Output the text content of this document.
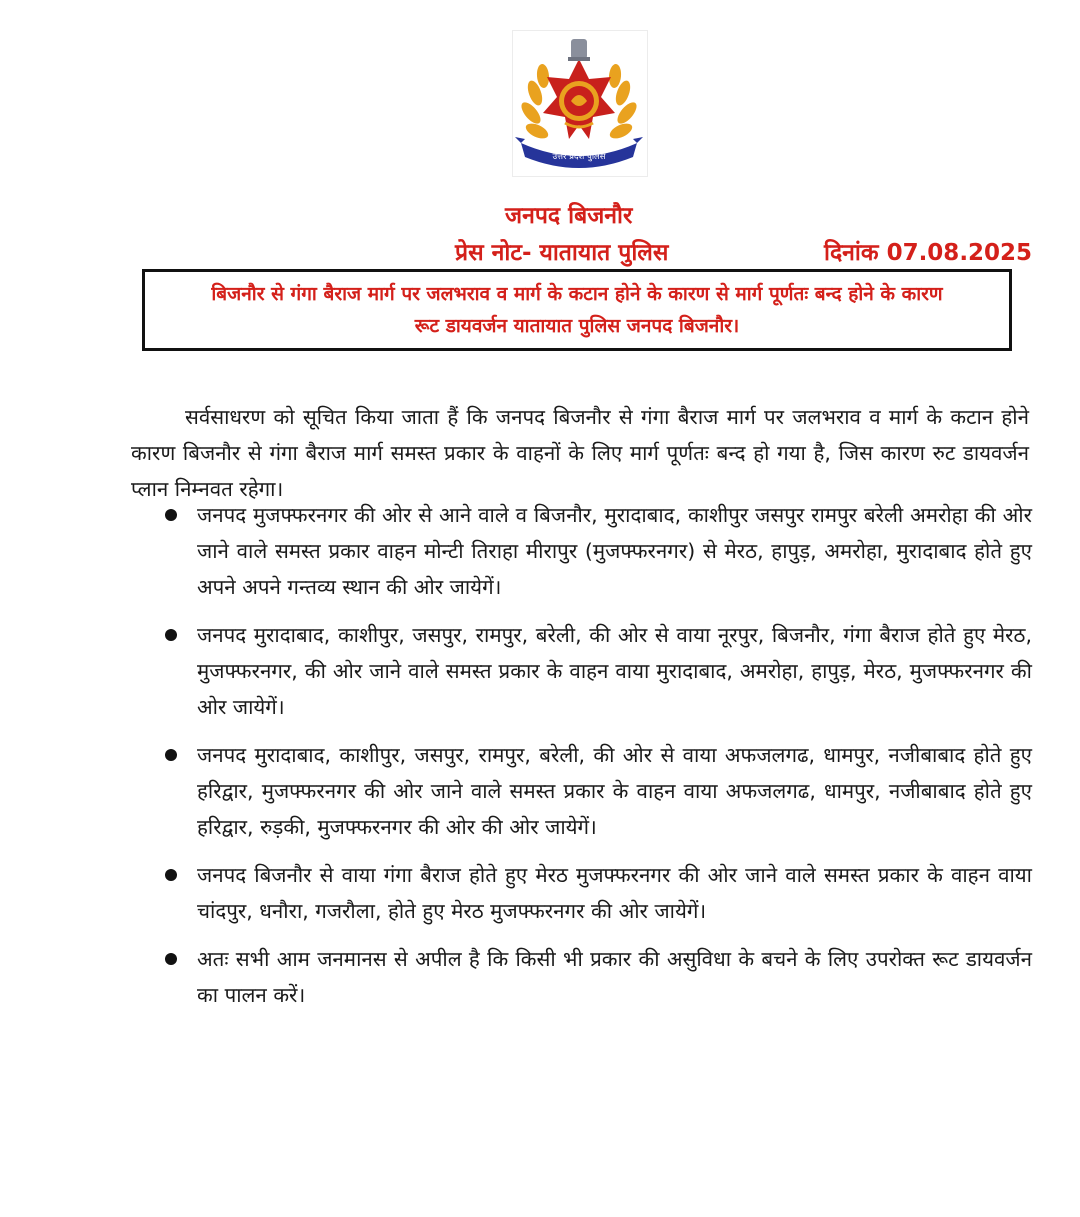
उत्तर प्रदेश पुलिस
जनपद बिजनौर
प्रेस नोट- यातायात पुलिस	दिनांक 07.08.2025
बिजनौर से गंगा बैराज मार्ग पर जलभराव व मार्ग के कटान होने के कारण से मार्ग पूर्णतः बन्द होने के कारण
रूट डायवर्जन यातायात पुलिस जनपद बिजनौर।

सर्वसाधरण को सूचित किया जाता हैं कि जनपद बिजनौर से गंगा बैराज मार्ग पर जलभराव व मार्ग के कटान होने कारण बिजनौर से गंगा बैराज मार्ग समस्त प्रकार के वाहनों के लिए मार्ग पूर्णतः बन्द हो गया है, जिस कारण रुट डायवर्जन प्लान निम्नवत रहेगा।

जनपद मुजफ्फरनगर की ओर से आने वाले व बिजनौर, मुरादाबाद, काशीपुर जसपुर रामपुर बरेली अमरोहा की ओर जाने वाले समस्त प्रकार वाहन मोन्टी तिराहा मीरापुर (मुजफ्फरनगर) से मेरठ, हापुड़, अमरोहा, मुरादाबाद होते हुए अपने अपने गन्तव्य स्थान की ओर जायेगें।
जनपद मुरादाबाद, काशीपुर, जसपुर, रामपुर, बरेली, की ओर से वाया नूरपुर, बिजनौर, गंगा बैराज होते हुए मेरठ, मुजफ्फरनगर, की ओर जाने वाले समस्त प्रकार के वाहन वाया मुरादाबाद, अमरोहा, हापुड़, मेरठ, मुजफ्फरनगर की ओर जायेगें।
जनपद मुरादाबाद, काशीपुर, जसपुर, रामपुर, बरेली, की ओर से वाया अफजलगढ, धामपुर, नजीबाबाद होते हुए हरिद्वार, मुजफ्फरनगर की ओर जाने वाले समस्त प्रकार के वाहन वाया अफजलगढ, धामपुर, नजीबाबाद होते हुए हरिद्वार, रुड़की, मुजफ्फरनगर की ओर की ओर जायेगें।
जनपद बिजनौर से वाया गंगा बैराज होते हुए मेरठ मुजफ्फरनगर की ओर जाने वाले समस्त प्रकार के वाहन वाया चांदपुर, धनौरा, गजरौला, होते हुए मेरठ मुजफ्फरनगर की ओर जायेगें।
अतः सभी आम जनमानस से अपील है कि किसी भी प्रकार की असुविधा के बचने के लिए उपरोक्त रूट डायवर्जन का पालन करें।
